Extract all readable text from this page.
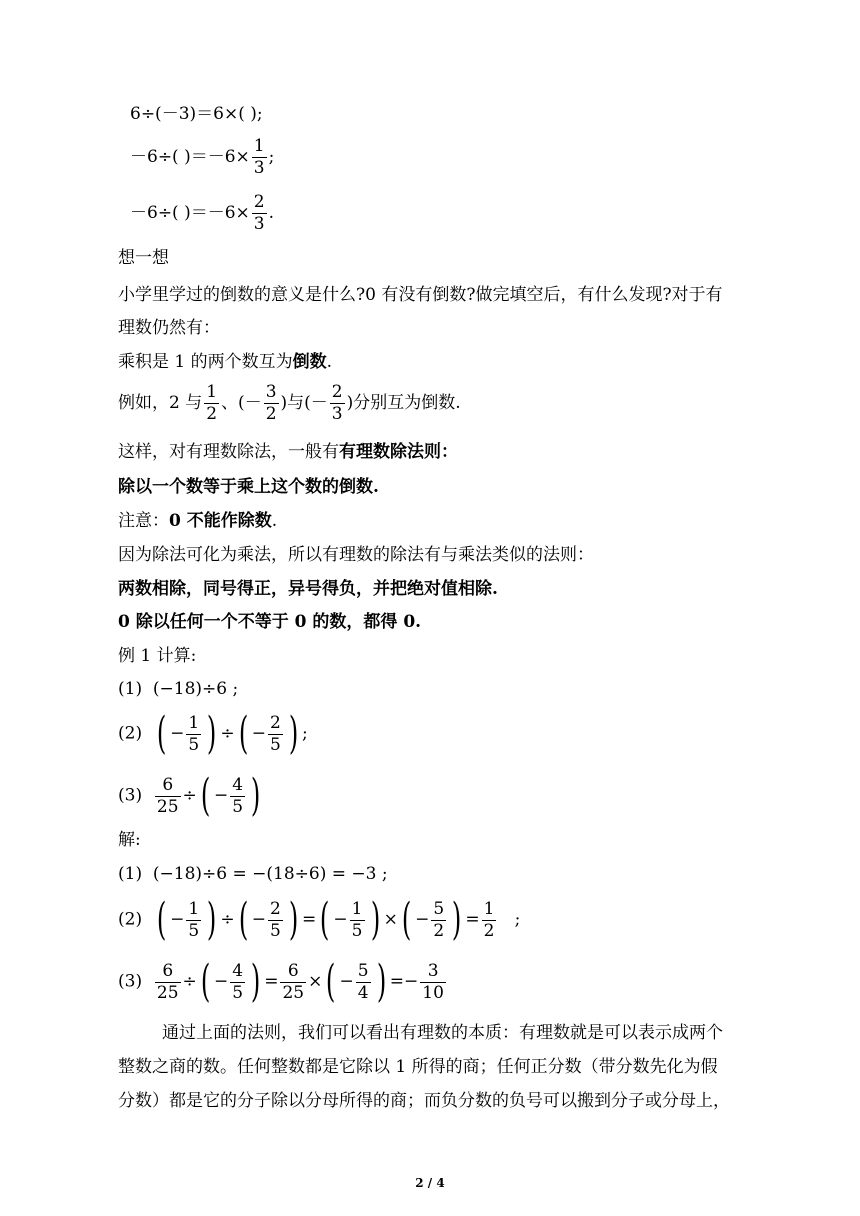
6÷(－3)＝6×( );
－6÷( )$=-6\times \frac{1}{3}$ ;
－6÷( )$=-6\times \frac{2}{3}$ .
想一想
小学里学过的倒数的意义是什么?0 有没有倒数?做完填空后，有什么发现?对于有
理数仍然有：
乘积是 1 的两个数互为倒数.
例如，2 与 $\frac{1}{2}$ 、(－ $\frac{3}{2}$ )与(－ $\frac{2}{3}$ )分别互为倒数.
这样，对有理数除法，一般有有理数除法则：
除以一个数等于乘上这个数的倒数.
注意：0 不能作除数.
因为除法可化为乘法，所以有理数的除法有与乘法类似的法则：
两数相除，同号得正，异号得负，并把绝对值相除.
0 除以任何一个不等于 0 的数，都得 0.
例 1 计算:
(1) (−18)÷6 ;
(2) ( − $\frac{1}{5}$ ) ÷( − $\frac{2}{5}$ ) ;
$(3) \frac{6}{25}$ ÷( − $\frac{4}{5}$ )
解:
(1) (−18)÷6 = −(18÷6) = −3 ;
(2) ( − $\frac{1}{5}$ ) ÷( − $\frac{2}{5}$ ) =( − $\frac{1}{5}$ ) ×( − $\frac{5}{2}$ ) = $\frac{1}{2}$ ;
$(3) \frac{6}{25}$ ÷( − $\frac{4}{5}$ ) = $\frac{6}{25}$ ×( − $\frac{5}{4}$ ) =− $\frac{3}{10}$
通过上面的法则，我们可以看出有理数的本质：有理数就是可以表示成两个
整数之商的数。任何整数都是它除以 1 所得的商；任何正分数（带分数先化为假
分数）都是它的分子除以分母所得的商；而负分数的负号可以搬到分子或分母上，
2 / 4
